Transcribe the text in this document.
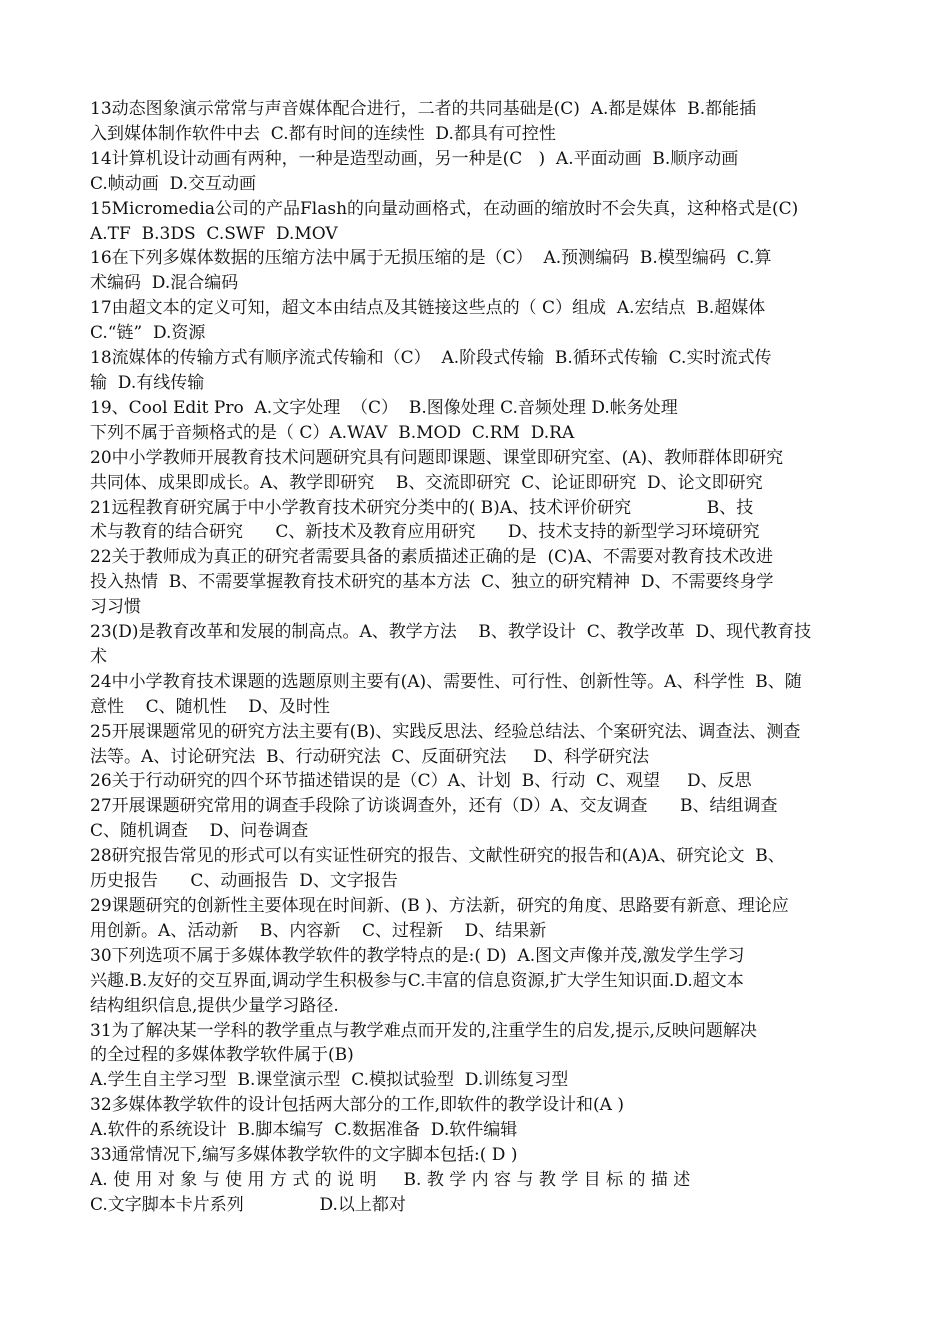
13动态图象演示常常与声音媒体配合进行，二者的共同基础是(C)  A.都是媒体  B.都能插
入到媒体制作软件中去  C.都有时间的连续性  D.都具有可控性
14计算机设计动画有两种，一种是造型动画，另一种是(C   )  A.平面动画  B.顺序动画
C.帧动画  D.交互动画
15Micromedia公司的产品Flash的向量动画格式，在动画的缩放时不会失真，这种格式是(C)
A.TF  B.3DS  C.SWF  D.MOV
16在下列多媒体数据的压缩方法中属于无损压缩的是（C）  A.预测编码  B.模型编码  C.算
术编码  D.混合编码
17由超文本的定义可知，超文本由结点及其链接这些点的（ C）组成  A.宏结点  B.超媒体
C.“链”  D.资源
18流媒体的传输方式有顺序流式传输和（C）  A.阶段式传输  B.循环式传输  C.实时流式传
输  D.有线传输
19、Cool Edit Pro  A.文字处理  （C）  B.图像处理 C.音频处理 D.帐务处理
下列不属于音频格式的是（ C）A.WAV  B.MOD  C.RM  D.RA
20中小学教师开展教育技术问题研究具有问题即课题、课堂即研究室、(A)、教师群体即研究
共同体、成果即成长。A、教学即研究    B、交流即研究  C、论证即研究  D、论文即研究
21远程教育研究属于中小学教育技术研究分类中的( B)A、技术评价研究              B、技
术与教育的结合研究      C、新技术及教育应用研究      D、技术支持的新型学习环境研究
22关于教师成为真正的研究者需要具备的素质描述正确的是  (C)A、不需要对教育技术改进
投入热情  B、不需要掌握教育技术研究的基本方法  C、独立的研究精神  D、不需要终身学
习习惯
23(D)是教育改革和发展的制高点。A、教学方法    B、教学设计  C、教学改革  D、现代教育技
术
24中小学教育技术课题的选题原则主要有(A)、需要性、可行性、创新性等。A、科学性  B、随
意性    C、随机性    D、及时性
25开展课题常见的研究方法主要有(B)、实践反思法、经验总结法、个案研究法、调查法、测查
法等。A、讨论研究法  B、行动研究法  C、反面研究法     D、科学研究法
26关于行动研究的四个环节描述错误的是（C）A、计划  B、行动  C、观望     D、反思
27开展课题研究常用的调查手段除了访谈调查外，还有（D）A、交友调查      B、结组调查
C、随机调查    D、问卷调查
28研究报告常见的形式可以有实证性研究的报告、文献性研究的报告和(A)A、研究论文  B、
历史报告      C、动画报告  D、文字报告
29课题研究的创新性主要体现在时间新、(B )、方法新，研究的角度、思路要有新意、理论应
用创新。A、活动新    B、内容新    C、过程新    D、结果新
30下列选项不属于多媒体教学软件的教学特点的是:( D)  A.图文声像并茂,激发学生学习
兴趣.B.友好的交互界面,调动学生积极参与C.丰富的信息资源,扩大学生知识面.D.超文本
结构组织信息,提供少量学习路径.
31为了解决某一学科的教学重点与教学难点而开发的,注重学生的启发,提示,反映问题解决
的全过程的多媒体教学软件属于(B)
A.学生自主学习型  B.课堂演示型  C.模拟试验型  D.训练复习型
32多媒体教学软件的设计包括两大部分的工作,即软件的教学设计和(A )
A.软件的系统设计  B.脚本编写  C.数据准备  D.软件编辑
33通常情况下,编写多媒体教学软件的文字脚本包括:( D )
A. 使 用 对 象 与 使 用 方 式 的 说 明     B. 教 学 内 容 与 教 学 目 标 的 描 述
C.文字脚本卡片系列              D.以上都对
